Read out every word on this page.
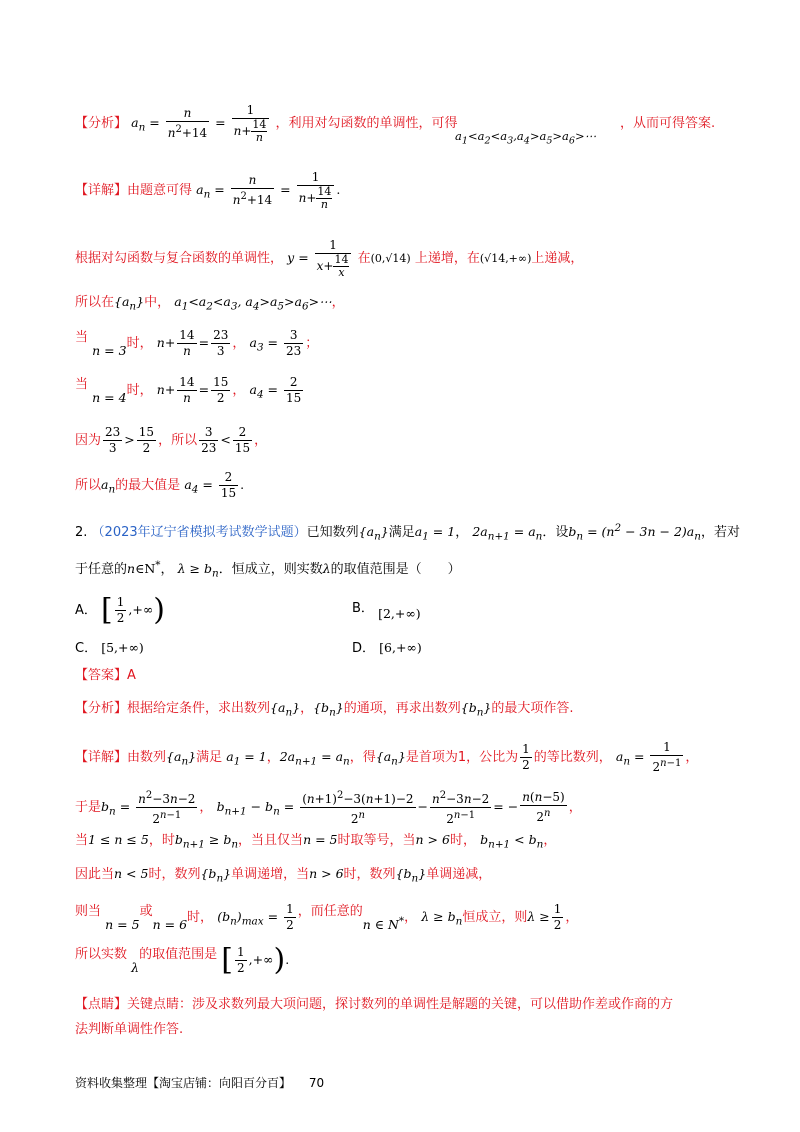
【分析】 $a_n = \frac{n}{n^2+14} = \frac{1}{n+ \frac{14}{n}}$ ，利用对勾函数的单调性，可得
$a_1<a_2<a_3,a_4>a_5>a_6>\cdots$
，从而可得答案.
【详解】由题意可得 $a_n = \frac{n}{n^2+14} = \frac{1}{n+ \frac{14}{n}}$ .
根据对勾函数与复合函数的单调性， $y = \frac{1}{x+ \frac{14}{x}}$ 在(0,√14) 上递增，在(√14,+∞)上递减，
所以在$\{a_n\}$中， $a_1<a_2<a_3$, $a_4>a_5>a_6>\cdots$，
当 n = 3时， $n+ \frac{14}{n} = \frac{23}{3}$ ， $a_3 = \frac{3}{23}$ ；
当 n = 4时， $n+ \frac{14}{n} = \frac{15}{2}$ ， $a_4 = \frac{2}{15}$
因为 $\frac{23}{3} > \frac{15}{2}$ ，所以 $\frac{3}{23} < \frac{2}{15}$ ，
所以$a_n$的最大值是 $a_4 = \frac{2}{15}$ .
2. （2023年辽宁省模拟考试数学试题）已知数列$\{a_n\}$满足$a_1 = 1$， $2a_{n+1} = a_n$．设$b_n = (n^2 - 3n - 2)a_n$，若对
于任意的n∈N*， $\lambda \ge b_n$．恒成立，则实数λ的取值范围是（　　）
A． [ $\frac{1}{2}$ ,+∞)	B． [2,+∞)
C． [5,+∞)	D． [6,+∞)
【答案】A
【分析】根据给定条件，求出数列$\{a_n\}$，$\{b_n\}$的通项，再求出数列$\{b_n\}$的最大项作答.
【详解】由数列$\{a_n\}$满足 $a_1 = 1$，$2a_{n+1} = a_n$，得$\{a_n\}$是首项为1，公比为 $\frac{1}{2}$ 的等比数列， $a_n = \frac{1}{2^{n-1}}$ ，
于是$b_n = \frac{n^2-3n-2}{2^{n-1}}$ ， $b_{n+1} - b_n = \frac{(n+1)^2-3(n+1)-2}{2^n} - \frac{n^2-3n-2}{2^{n-1}}$ = − $\frac{n(n-5)}{2^n}$ ，
当1 ≤ n ≤ 5，时$b_{n+1} \ge b_n$，当且仅当n = 5时取等号，当n > 6时， $b_{n+1} < b_n$，
因此当n < 5时，数列$\{b_n\}$单调递增，当n > 6时，数列$\{b_n\}$单调递减，
则当 n = 5或n = 6时， $(b_n)_{max} = \frac{1}{2}$ ，而任意的n ∈ N*， $\lambda \ge b_n$恒成立，则$\lambda \ge \frac{1}{2}$ ，
所以实数 λ的取值范围是 [ $\frac{1}{2}$ ,+∞).
【点睛】关键点睛：涉及求数列最大项问题，探讨数列的单调性是解题的关键，可以借助作差或作商的方
法判断单调性作答.
资料收集整理【淘宝店铺：向阳百分百】 70
